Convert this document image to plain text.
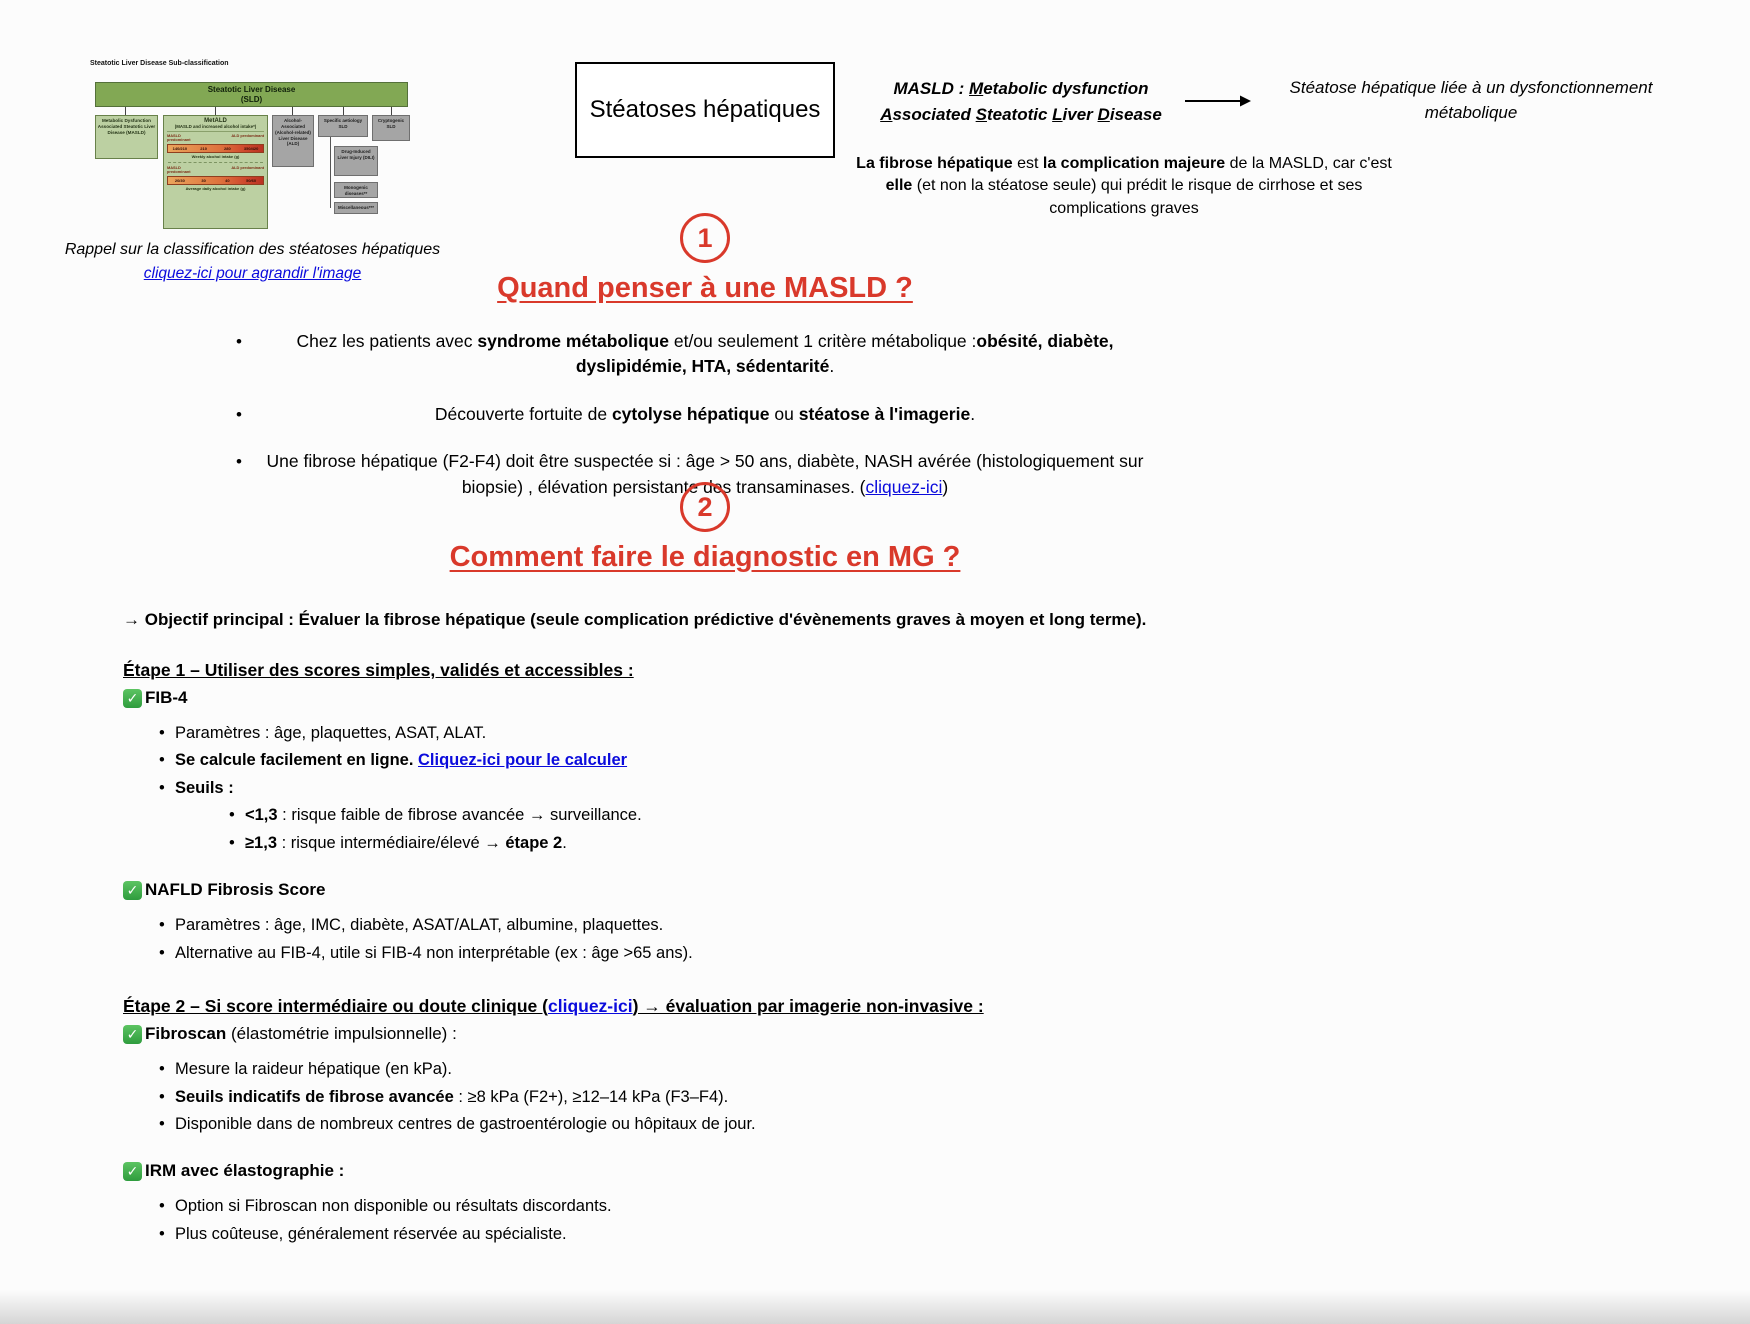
Steatotic Liver Disease Sub-classification
Steatotic Liver Disease
(SLD)
Metabolic Dysfunction Associated Steatotic Liver Disease (MASLD)
MetALD
(MASLD and increased alcohol intake*)
MASLD predominant
ALD predominant
140/210	210	280	350/420
Weekly alcohol intake (g)
MASLD predominant
ALD predominant
20/30	30	40	50/60
Average daily alcohol intake (g)
Alcohol-Associated (Alcohol-related) Liver Disease (ALD)
Specific aetiology SLD
Cryptogenic SLD
Drug-Induced Liver Injury (DILI)
Monogenic diseases**
Miscellaneous***
Rappel sur la classification des stéatoses hépatiques
cliquez-ici pour agrandir l'image
Stéatoses hépatiques
MASLD : Metabolic dysfunction
Associated Steatotic Liver Disease
Stéatose hépatique liée à un dysfonctionnement métabolique
La fibrose hépatique est la complication majeure de la MASLD, car c'est elle (et non la stéatose seule) qui prédit le risque de cirrhose et ses complications graves
1
Quand penser à une MASLD ?
• Chez les patients avec syndrome métabolique et/ou seulement 1 critère métabolique :obésité, diabète, dyslipidémie, HTA, sédentarité.
• Découverte fortuite de cytolyse hépatique ou stéatose à l'imagerie.
• Une fibrose hépatique (F2-F4) doit être suspectée si : âge > 50 ans, diabète, NASH avérée (histologiquement sur biopsie) , élévation persistante des transaminases. (cliquez-ici)
2
Comment faire le diagnostic en MG ?

→ Objectif principal : Évaluer la fibrose hépatique (seule complication prédictive d'évènements graves à moyen et long terme).

Étape 1 – Utiliser des scores simples, validés et accessibles :
✓ FIB-4
• Paramètres : âge, plaquettes, ASAT, ALAT.
• Se calcule facilement en ligne. Cliquez-ici pour le calculer
• Seuils :
• <1,3 : risque faible de fibrose avancée → surveillance.
• ≥1,3 : risque intermédiaire/élevé → étape 2.
✓ NAFLD Fibrosis Score
• Paramètres : âge, IMC, diabète, ASAT/ALAT, albumine, plaquettes.
• Alternative au FIB-4, utile si FIB-4 non interprétable (ex : âge >65 ans).
Étape 2 – Si score intermédiaire ou doute clinique (cliquez-ici) → évaluation par imagerie non-invasive :
✓ Fibroscan (élastométrie impulsionnelle) :
• Mesure la raideur hépatique (en kPa).
• Seuils indicatifs de fibrose avancée : ≥8 kPa (F2+), ≥12–14 kPa (F3–F4).
• Disponible dans de nombreux centres de gastroentérologie ou hôpitaux de jour.
✓ IRM avec élastographie :
• Option si Fibroscan non disponible ou résultats discordants.
• Plus coûteuse, généralement réservée au spécialiste.
